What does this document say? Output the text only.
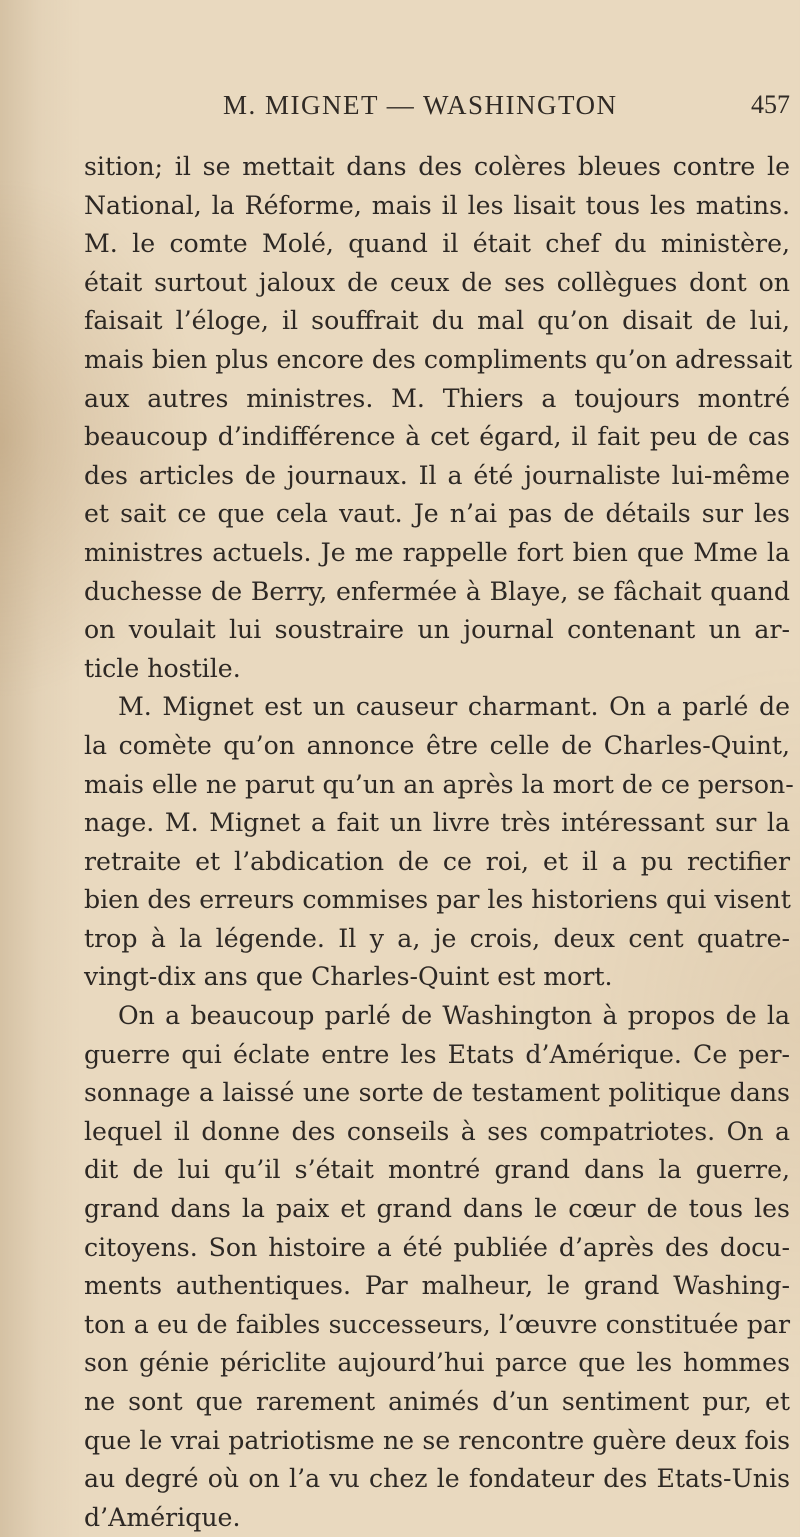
M. MIGNET — WASHINGTON	457
sition; il se mettait dans des colères bleues contre le
National, la Réforme, mais il les lisait tous les matins.
M. le comte Molé, quand il était chef du ministère,
était surtout jaloux de ceux de ses collègues dont on
faisait l’éloge, il souffrait du mal qu’on disait de lui,
mais bien plus encore des compliments qu’on adressait
aux autres ministres. M. Thiers a toujours montré
beaucoup d’indifférence à cet égard, il fait peu de cas
des articles de journaux. Il a été journaliste lui-même
et sait ce que cela vaut. Je n’ai pas de détails sur les
ministres actuels. Je me rappelle fort bien que Mme la
duchesse de Berry, enfermée à Blaye, se fâchait quand
on voulait lui soustraire un journal contenant un ar-
ticle hostile.
M. Mignet est un causeur charmant. On a parlé de
la comète qu’on annonce être celle de Charles-Quint,
mais elle ne parut qu’un an après la mort de ce person-
nage. M. Mignet a fait un livre très intéressant sur la
retraite et l’abdication de ce roi, et il a pu rectifier
bien des erreurs commises par les historiens qui visent
trop à la légende. Il y a, je crois, deux cent quatre-
vingt-dix ans que Charles-Quint est mort.
On a beaucoup parlé de Washington à propos de la
guerre qui éclate entre les Etats d’Amérique. Ce per-
sonnage a laissé une sorte de testament politique dans
lequel il donne des conseils à ses compatriotes. On a
dit de lui qu’il s’était montré grand dans la guerre,
grand dans la paix et grand dans le cœur de tous les
citoyens. Son histoire a été publiée d’après des docu-
ments authentiques. Par malheur, le grand Washing-
ton a eu de faibles successeurs, l’œuvre constituée par
son génie périclite aujourd’hui parce que les hommes
ne sont que rarement animés d’un sentiment pur, et
que le vrai patriotisme ne se rencontre guère deux fois
au degré où on l’a vu chez le fondateur des Etats-Unis
d’Amérique.
